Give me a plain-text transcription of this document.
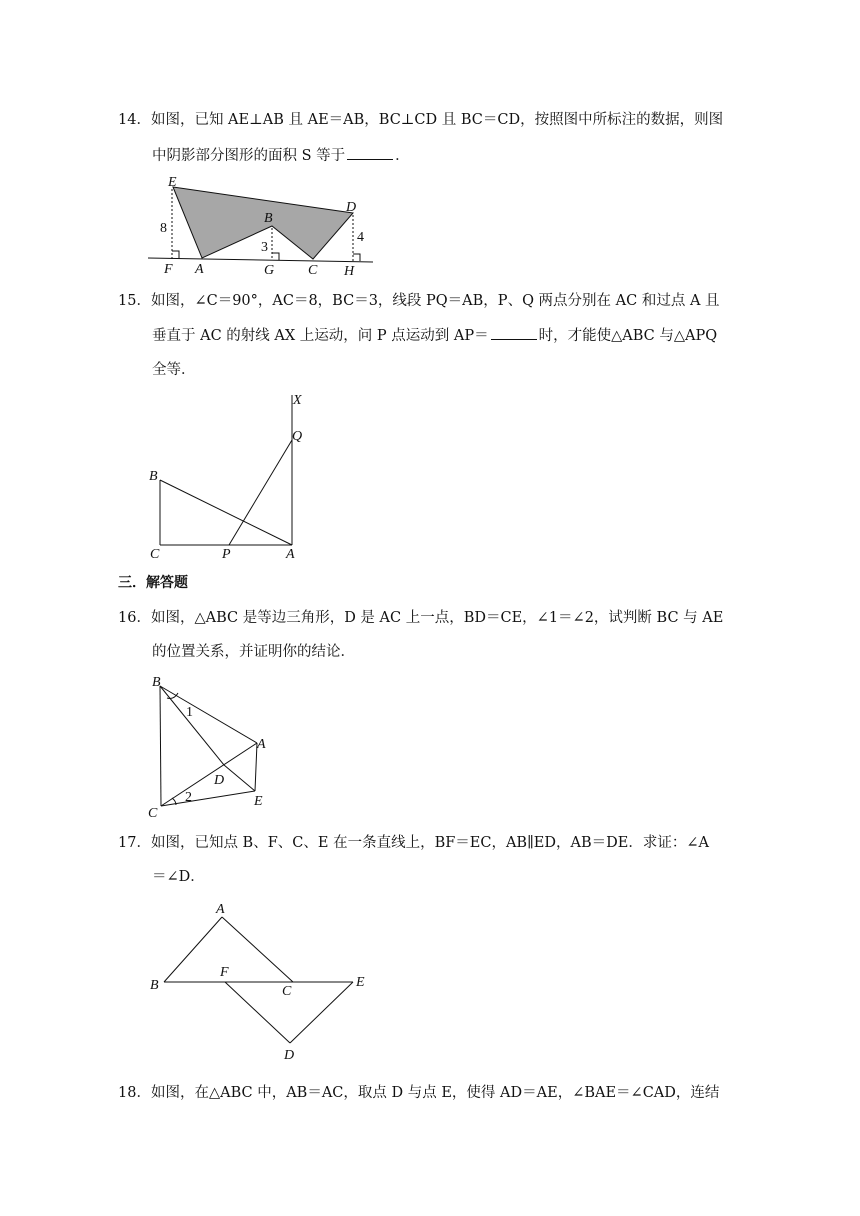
14．如图，已知 AE⊥AB 且 AE＝AB，BC⊥CD 且 BC＝CD，按照图中所标注的数据，则图
中阴影部分图形的面积 S 等于	．
E
B
D
A	C
F	G	H
8
3
4
X
Q
B
C	P	A
B
A
D
C
E
1
2
A
B
F
C
E
D
15．如图，∠C＝90°，AC＝8，BC＝3，线段 PQ＝AB，P、Q 两点分别在 AC 和过点 A 且
垂直于 AC 的射线 AX 上运动，问 P 点运动到 AP＝	时，才能使△ABC 与△APQ
全等．
三．解答题
16．如图，△ABC 是等边三角形，D 是 AC 上一点，BD＝CE，∠1＝∠2，试判断 BC 与 AE
的位置关系，并证明你的结论．
17．如图，已知点 B、F、C、E 在一条直线上，BF＝EC，AB∥ED，AB＝DE．求证：∠A
＝∠D．
18．如图，在△ABC 中，AB＝AC，取点 D 与点 E，使得 AD＝AE，∠BAE＝∠CAD，连结
